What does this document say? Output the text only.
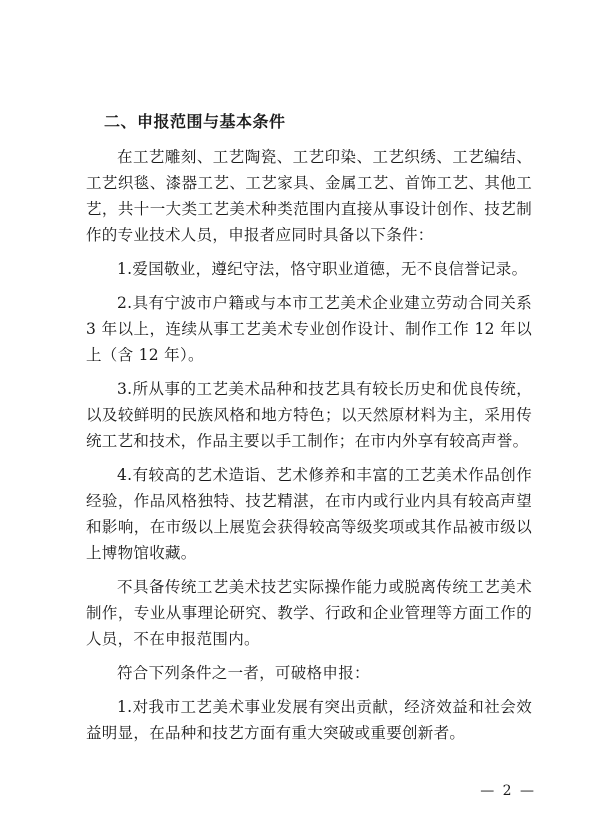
二、申报范围与基本条件

在工艺雕刻、工艺陶瓷、工艺印染、工艺织绣、工艺编结、工艺织毯、漆器工艺、工艺家具、金属工艺、首饰工艺、其他工艺，共十一大类工艺美术种类范围内直接从事设计创作、技艺制作的专业技术人员，申报者应同时具备以下条件：

1.爱国敬业，遵纪守法，恪守职业道德，无不良信誉记录。

2.具有宁波市户籍或与本市工艺美术企业建立劳动合同关系 3 年以上，连续从事工艺美术专业创作设计、制作工作 12 年以上（含 12 年）。

3.所从事的工艺美术品种和技艺具有较长历史和优良传统，以及较鲜明的民族风格和地方特色；以天然原材料为主，采用传统工艺和技术，作品主要以手工制作；在市内外享有较高声誉。

4.有较高的艺术造诣、艺术修养和丰富的工艺美术作品创作经验，作品风格独特、技艺精湛，在市内或行业内具有较高声望和影响，在市级以上展览会获得较高等级奖项或其作品被市级以上博物馆收藏。

不具备传统工艺美术技艺实际操作能力或脱离传统工艺美术制作，专业从事理论研究、教学、行政和企业管理等方面工作的人员，不在申报范围内。

符合下列条件之一者，可破格申报：

1.对我市工艺美术事业发展有突出贡献，经济效益和社会效益明显，在品种和技艺方面有重大突破或重要创新者。

— 2 —
